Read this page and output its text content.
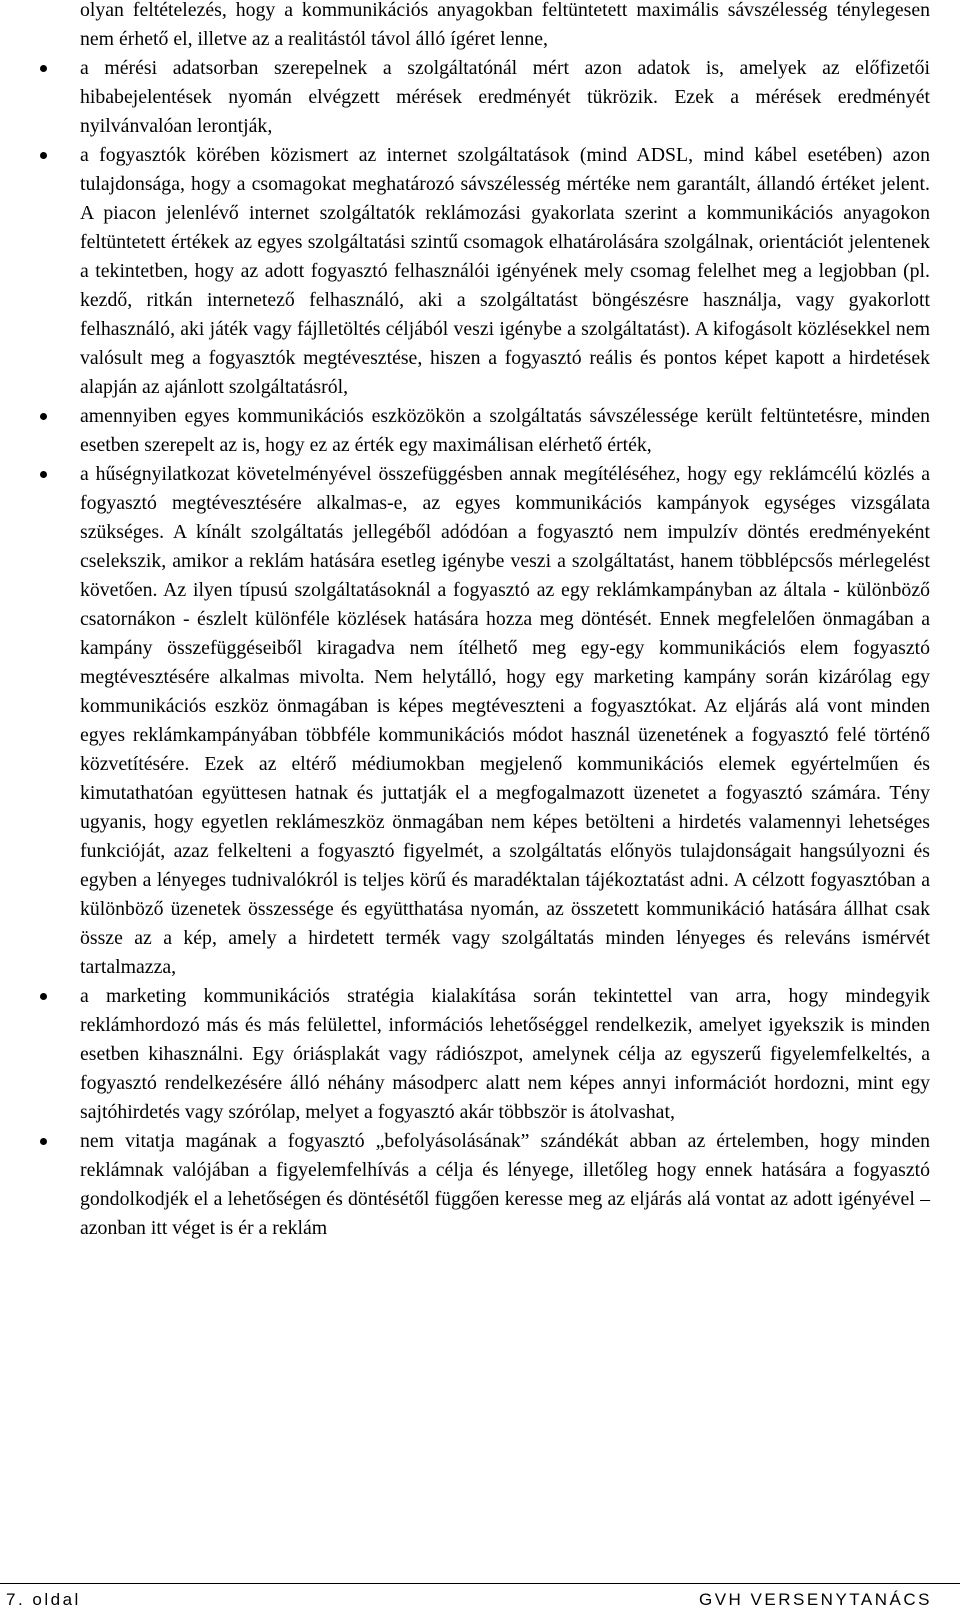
olyan feltételezés, hogy a kommunikációs anyagokban feltüntetett maximális sávszélesség ténylegesen nem érhető el, illetve az a realitástól távol álló ígéret lenne,

a mérési adatsorban szerepelnek a szolgáltatónál mért azon adatok is, amelyek az előfizetői hibabejelentések nyomán elvégzett mérések eredményét tükrözik. Ezek a mérések eredményét nyilvánvalóan lerontják,
a fogyasztók körében közismert az internet szolgáltatások (mind ADSL, mind kábel esetében) azon tulajdonsága, hogy a csomagokat meghatározó sávszélesség mértéke nem garantált, állandó értéket jelent. A piacon jelenlévő internet szolgáltatók reklámozási gyakorlata szerint a kommunikációs anyagokon feltüntetett értékek az egyes szolgáltatási szintű csomagok elhatárolására szolgálnak, orientációt jelentenek a tekintetben, hogy az adott fogyasztó felhasználói igényének mely csomag felelhet meg a legjobban (pl. kezdő, ritkán internetező felhasználó, aki a szolgáltatást böngészésre használja, vagy gyakorlott felhasználó, aki játék vagy fájlletöltés céljából veszi igénybe a szolgáltatást). A kifogásolt közlésekkel nem valósult meg a fogyasztók megtévesztése, hiszen a fogyasztó reális és pontos képet kapott a hirdetések alapján az ajánlott szolgáltatásról,
amennyiben egyes kommunikációs eszközökön a szolgáltatás sávszélessége került feltüntetésre, minden esetben szerepelt az is, hogy ez az érték egy maximálisan elérhető érték,
a hűségnyilatkozat követelményével összefüggésben annak megítéléséhez, hogy egy reklámcélú közlés a fogyasztó megtévesztésére alkalmas-e, az egyes kommunikációs kampányok egységes vizsgálata szükséges. A kínált szolgáltatás jellegéből adódóan a fogyasztó nem impulzív döntés eredményeként cselekszik, amikor a reklám hatására esetleg igénybe veszi a szolgáltatást, hanem többlépcsős mérlegelést követően. Az ilyen típusú szolgáltatásoknál a fogyasztó az egy reklámkampányban az általa - különböző csatornákon - észlelt különféle közlések hatására hozza meg döntését. Ennek megfelelően önmagában a kampány összefüggéseiből kiragadva nem ítélhető meg egy-egy kommunikációs elem fogyasztó megtévesztésére alkalmas mivolta. Nem helytálló, hogy egy marketing kampány során kizárólag egy kommunikációs eszköz önmagában is képes megtéveszteni a fogyasztókat. Az eljárás alá vont minden egyes reklámkampányában többféle kommunikációs módot használ üzenetének a fogyasztó felé történő közvetítésére. Ezek az eltérő médiumokban megjelenő kommunikációs elemek egyértelműen és kimutathatóan együttesen hatnak és juttatják el a megfogalmazott üzenetet a fogyasztó számára. Tény ugyanis, hogy egyetlen reklámeszköz önmagában nem képes betölteni a hirdetés valamennyi lehetséges funkcióját, azaz felkelteni a fogyasztó figyelmét, a szolgáltatás előnyös tulajdonságait hangsúlyozni és egyben a lényeges tudnivalókról is teljes körű és maradéktalan tájékoztatást adni. A célzott fogyasztóban a különböző üzenetek összessége és együtthatása nyomán, az összetett kommunikáció hatására állhat csak össze az a kép, amely a hirdetett termék vagy szolgáltatás minden lényeges és releváns ismérvét tartalmazza,
a marketing kommunikációs stratégia kialakítása során tekintettel van arra, hogy mindegyik reklámhordozó más és más felülettel, információs lehetőséggel rendelkezik, amelyet igyekszik is minden esetben kihasználni. Egy óriásplakát vagy rádiószpot, amelynek célja az egyszerű figyelemfelkeltés, a fogyasztó rendelkezésére álló néhány másodperc alatt nem képes annyi információt hordozni, mint egy sajtóhirdetés vagy szórólap, melyet a fogyasztó akár többször is átolvashat,
nem vitatja magának a fogyasztó „befolyásolásának” szándékát abban az értelemben, hogy minden reklámnak valójában a figyelemfelhívás a célja és lényege, illetőleg hogy ennek hatására a fogyasztó gondolkodjék el a lehetőségen és döntésétől függően keresse meg az eljárás alá vontat az adott igényével – azonban itt véget is ér a reklám
7. oldal	GVH VERSENYTANÁCS
